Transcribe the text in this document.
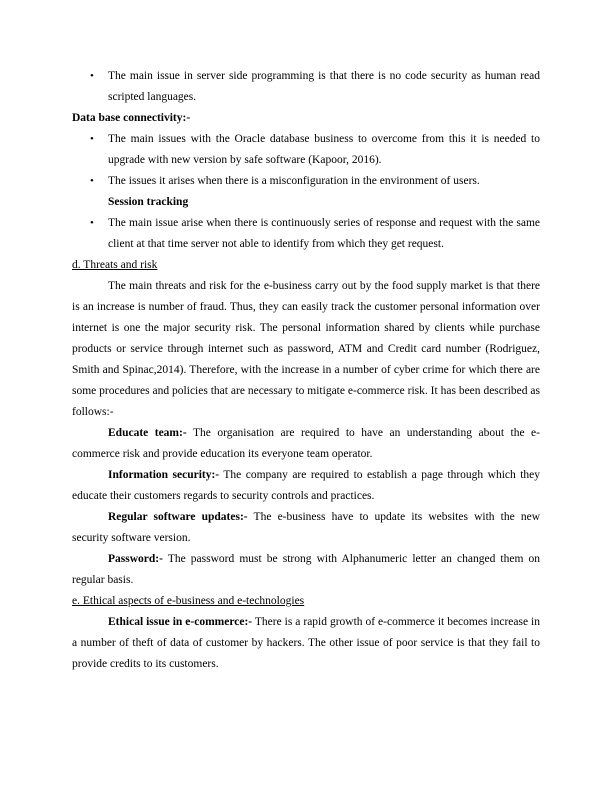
•	The main issue in server side programming is that there is no code security as human read scripted languages.

Data base connectivity:-

•	The main issues with the Oracle database business to overcome from this it is needed to upgrade with new version by safe software (Kapoor, 2016).
•	The issues it arises when there is a misconfiguration in the environment of users.
Session tracking
•	The main issue arise when there is continuously series of response and request with the same client at that time server not able to identify from which they get request.

d. Threats and risk

The main threats and risk for the e-business carry out by the food supply market is that there is an increase is number of fraud. Thus, they can easily track the customer personal information over internet is one the major security risk. The personal information shared by clients while purchase products or service through internet such as password, ATM and Credit card number (Rodriguez, Smith and Spinac,2014). Therefore, with the increase in a number of cyber crime for which there are some procedures and policies that are necessary to mitigate e-commerce risk. It has been described as follows:-

Educate team:- The organisation are required to have an understanding about the e-commerce risk and provide education its everyone team operator.

Information security:- The company are required to establish a page through which they educate their customers regards to security controls and practices.

Regular software updates:- The e-business have to update its websites with the new security software version.

Password:- The password must be strong with Alphanumeric letter an changed them on regular basis.

e. Ethical aspects of e-business and e-technologies

Ethical issue in e-commerce:- There is a rapid growth of e-commerce it becomes increase in a number of theft of data of customer by hackers. The other issue of poor service is that they fail to provide credits to its customers.
